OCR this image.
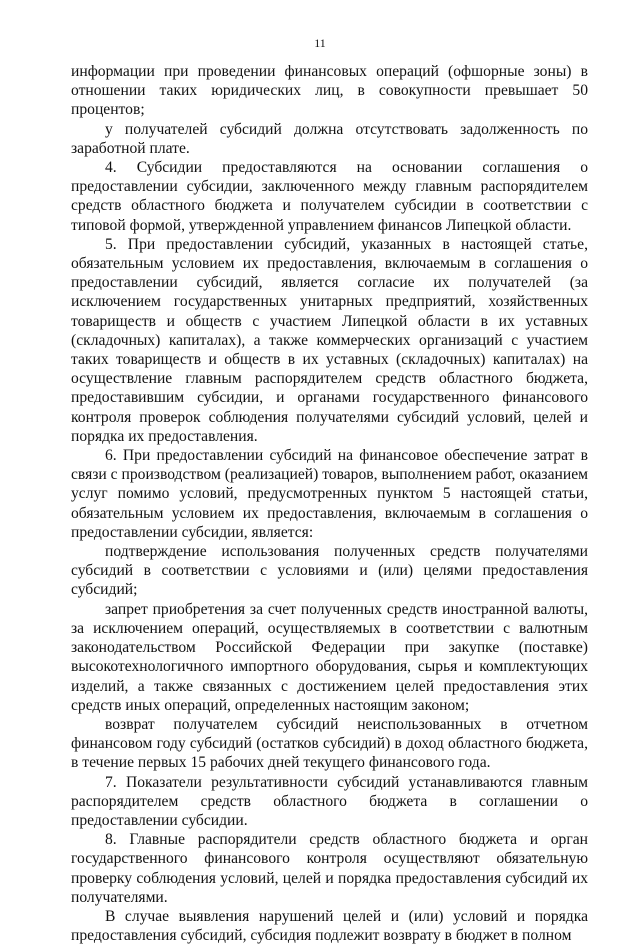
11

информации при проведении финансовых операций (офшорные зоны) в отношении таких юридических лиц, в совокупности превышает 50 процентов;

у получателей субсидий должна отсутствовать задолженность по заработной плате.

4. Субсидии предоставляются на основании соглашения о предоставлении субсидии, заключенного между главным распорядителем средств областного бюджета и получателем субсидии в соответствии с типовой формой, утвержденной управлением финансов Липецкой области.

5. При предоставлении субсидий, указанных в настоящей статье, обязательным условием их предоставления, включаемым в соглашения о предоставлении субсидий, является согласие их получателей (за исключением государственных унитарных предприятий, хозяйственных товариществ и обществ с участием Липецкой области в их уставных (складочных) капиталах), а также коммерческих организаций с участием таких товариществ и обществ в их уставных (складочных) капиталах) на осуществление главным распорядителем средств областного бюджета, предоставившим субсидии, и органами государственного финансового контроля проверок соблюдения получателями субсидий условий, целей и порядка их предоставления.

6. При предоставлении субсидий на финансовое обеспечение затрат в связи с производством (реализацией) товаров, выполнением работ, оказанием услуг помимо условий, предусмотренных пунктом 5 настоящей статьи, обязательным условием их предоставления, включаемым в соглашения о предоставлении субсидии, является:

подтверждение использования полученных средств получателями субсидий в соответствии с условиями и (или) целями предоставления субсидий;

запрет приобретения за счет полученных средств иностранной валюты, за исключением операций, осуществляемых в соответствии с валютным законодательством Российской Федерации при закупке (поставке) высокотехнологичного импортного оборудования, сырья и комплектующих изделий, а также связанных с достижением целей предоставления этих средств иных операций, определенных настоящим законом;

возврат получателем субсидий неиспользованных в отчетном финансовом году субсидий (остатков субсидий) в доход областного бюджета, в течение первых 15 рабочих дней текущего финансового года.

7. Показатели результативности субсидий устанавливаются главным распорядителем средств областного бюджета в соглашении о предоставлении субсидии.

8. Главные распорядители средств областного бюджета и орган государственного финансового контроля осуществляют обязательную проверку соблюдения условий, целей и порядка предоставления субсидий их получателями.

В случае выявления нарушений целей и (или) условий и порядка предоставления субсидий, субсидия подлежит возврату в бюджет в полном
